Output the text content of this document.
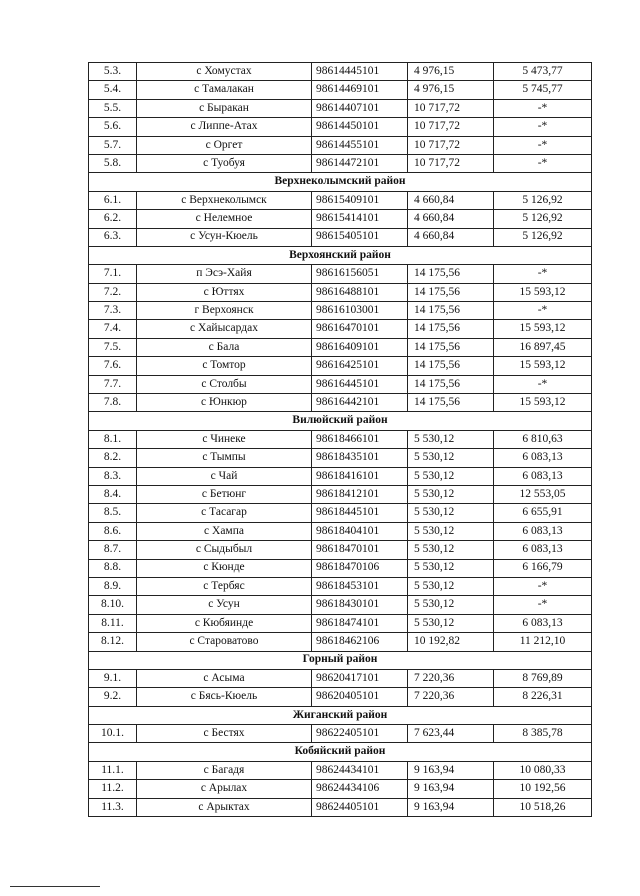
5.3.	с Хомустах	98614445101	4 976,15	5 473,77
5.4.	с Тамалакан	98614469101	4 976,15	5 745,77
5.5.	с Быракан	98614407101	10 717,72	-*
5.6.	с Липпе-Атах	98614450101	10 717,72	-*
5.7.	с Оргет	98614455101	10 717,72	-*
5.8.	с Туобуя	98614472101	10 717,72	-*
Верхнеколымский район				
6.1.	с Верхнеколымск	98615409101	4 660,84	5 126,92
6.2.	с Нелемное	98615414101	4 660,84	5 126,92
6.3.	с Усун-Кюель	98615405101	4 660,84	5 126,92
Верхоянский район				
7.1.	п Эсэ-Хайя	98616156051	14 175,56	-*
7.2.	с Юттях	98616488101	14 175,56	15 593,12
7.3.	г Верхоянск	98616103001	14 175,56	-*
7.4.	с Хайысардах	98616470101	14 175,56	15 593,12
7.5.	с Бала	98616409101	14 175,56	16 897,45
7.6.	с Томтор	98616425101	14 175,56	15 593,12
7.7.	с Столбы	98616445101	14 175,56	-*
7.8.	с Юнкюр	98616442101	14 175,56	15 593,12
Вилюйский район				
8.1.	с Чинеке	98618466101	5 530,12	6 810,63
8.2.	с Тымпы	98618435101	5 530,12	6 083,13
8.3.	с Чай	98618416101	5 530,12	6 083,13
8.4.	с Бетюнг	98618412101	5 530,12	12 553,05
8.5.	с Тасагар	98618445101	5 530,12	6 655,91
8.6.	с Хампа	98618404101	5 530,12	6 083,13
8.7.	с Сыдыбыл	98618470101	5 530,12	6 083,13
8.8.	с Кюнде	98618470106	5 530,12	6 166,79
8.9.	с Тербяс	98618453101	5 530,12	-*
8.10.	с Усун	98618430101	5 530,12	-*
8.11.	с Кюбяинде	98618474101	5 530,12	6 083,13
8.12.	с Староватово	98618462106	10 192,82	11 212,10
Горный район				
9.1.	с Асыма	98620417101	7 220,36	8 769,89
9.2.	с Бясь-Кюель	98620405101	7 220,36	8 226,31
Жиганский район				
10.1.	с Бестях	98622405101	7 623,44	8 385,78
Кобяйский район				
11.1.	с Багадя	98624434101	9 163,94	10 080,33
11.2.	с Арылах	98624434106	9 163,94	10 192,56
11.3.	с Арыктах	98624405101	9 163,94	10 518,26
